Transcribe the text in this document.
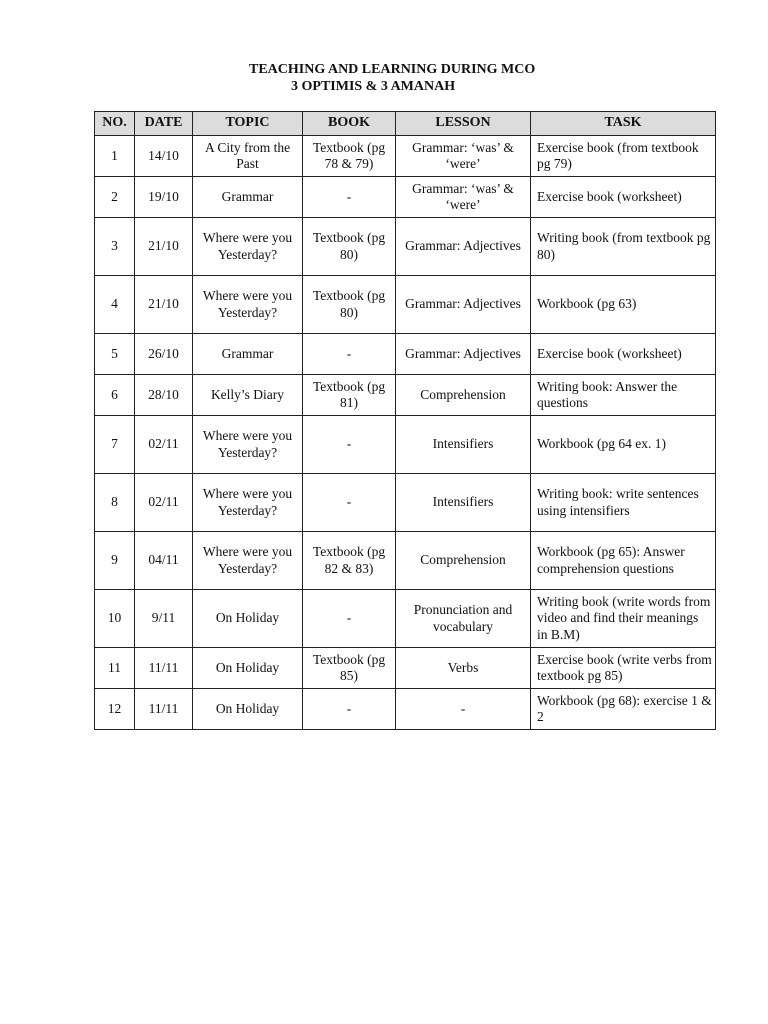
TEACHING AND LEARNING DURING MCO
3 OPTIMIS & 3 AMANAH
NO.	DATE	TOPIC	BOOK	LESSON	TASK
1	14/10	A City from the Past	Textbook (pg 78 & 79)	Grammar: ‘was’ & ‘were’	Exercise book (from textbook pg 79)
2	19/10	Grammar	-	Grammar: ‘was’ & ‘were’	Exercise book (worksheet)
3	21/10	Where were you Yesterday?	Textbook (pg 80)	Grammar: Adjectives	Writing book (from textbook pg 80)
4	21/10	Where were you Yesterday?	Textbook (pg 80)	Grammar: Adjectives	Workbook (pg 63)
5	26/10	Grammar	-	Grammar: Adjectives	Exercise book (worksheet)
6	28/10	Kelly’s Diary	Textbook (pg 81)	Comprehension	Writing book: Answer the questions
7	02/11	Where were you Yesterday?	-	Intensifiers	Workbook (pg 64 ex. 1)
8	02/11	Where were you Yesterday?	-	Intensifiers	Writing book: write sentences using intensifiers
9	04/11	Where were you Yesterday?	Textbook (pg 82 & 83)	Comprehension	Workbook (pg 65): Answer comprehension questions
10	9/11	On Holiday	-	Pronunciation and vocabulary	Writing book (write words from video and find their meanings in B.M)
11	11/11	On Holiday	Textbook (pg 85)	Verbs	Exercise book (write verbs from textbook pg 85)
12	11/11	On Holiday	-	-	Workbook (pg 68): exercise 1 & 2
